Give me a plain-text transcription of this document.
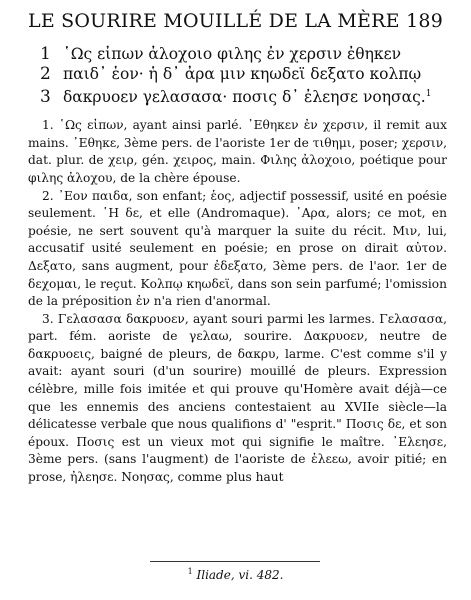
LE SOURIRE MOUILLÉ DE LA MÈRE 189
1 ῾Ως εἰπων ἀλοχοιο φιλης ἐν χερσιν ἐθηκεν
2 παιδ᾽ ἑον· ἡ δ᾽ ἀρα μιν κηωδεϊ δεξατο κολπῳ
3 δακρυοεν γελασασα· ποσις δ᾽ ἐλεησε νοησας.$^1$

1. ῾Ως εἰπων, ayant ainsi parlé. ᾽Εθηκεν ἐν χερσιν, il remit aux mains. ᾽Εθηκε, 3ème pers. de l'aoriste 1er de τιθημι, poser; χερσιν, dat. plur. de χειρ, gén. χειρος, main. Φιλης ἀλοχοιο, poétique pour φιλης ἀλοχου, de la chère épouse.

2. ᾽Εον παιδα, son enfant; ἑος, adjectif possessif, usité en poésie seulement. ῾Η δε, et elle (Andromaque). ᾽Αρα, alors; ce mot, en poésie, ne sert souvent qu'à marquer la suite du récit. Μιν, lui, accusatif usité seulement en poésie; en prose on dirait αὐτον. Δεξατο, sans augment, pour ἐδεξατο, 3ème pers. de l'aor. 1er de δεχομαι, le reçut. Κολπῳ κηωδεϊ, dans son sein parfumé; l'omission de la préposition ἐν n'a rien d'anormal.

3. Γελασασα δακρυοεν, ayant souri parmi les larmes. Γελασασα, part. fém. aoriste de γελαω, sourire. Δακρυοεν, neutre de δακρυοεις, baigné de pleurs, de δακρυ, larme. C'est comme s'il y avait: ayant souri (d'un sourire) mouillé de pleurs. Expression célèbre, mille fois imitée et qui prouve qu'Homère avait déjà—ce que les ennemis des anciens contestaient au XVIIe siècle—la délicatesse verbale que nous qualifions d' "esprit." Ποσις δε, et son époux. Ποσις est un vieux mot qui signifie le maître. ᾽Ελεησε, 3ème pers. (sans l'augment) de l'aoriste de ἐλεεω, avoir pitié; en prose, ἠλεησε. Νοησας, comme plus haut

$^1$ Iliade, vi. 482.
